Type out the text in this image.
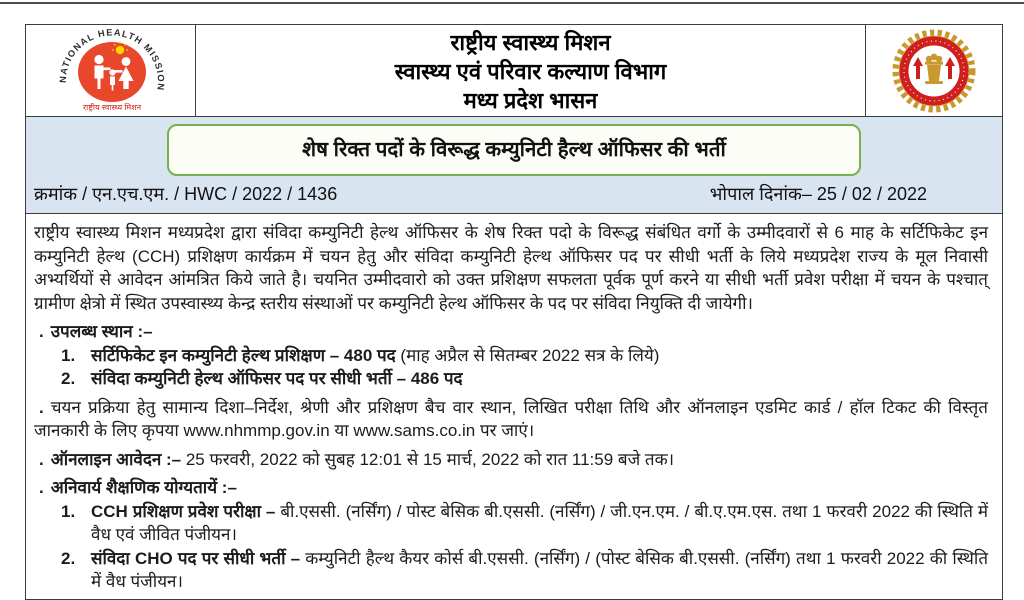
NATIONAL HEALTH MISSION
राष्ट्रीय स्वास्थ्य मिशन
राष्ट्रीय स्वास्थ्य मिशन
स्वास्थ्य एवं परिवार कल्याण विभाग
मध्य प्रदेश भासन
शेष रिक्त पदों के विरूद्ध कम्युनिटी हैल्थ ऑफिसर की भर्ती
क्रमांक / एन.एच.एम. / HWC / 2022 / 1436	भोपाल दिनांक– 25 / 02 / 2022

राष्ट्रीय स्वास्थ्य मिशन मध्यप्रदेश द्वारा संविदा कम्युनिटी हेल्थ ऑफिसर के शेष रिक्त पदो के विरूद्ध संबंधित वर्गो के उम्मीदवारों से 6 माह के सर्टिफिकेट इन कम्युनिटी हेल्थ (CCH) प्रशिक्षण कार्यक्रम में चयन हेतु और संविदा कम्युनिटी हेल्थ ऑफिसर पद पर सीधी भर्ती के लिये मध्यप्रदेश राज्य के मूल निवासी अभ्यर्थियों से आवेदन आंमत्रित किये जाते है। चयनित उम्मीदवारो को उक्त प्रशिक्षण सफलता पूर्वक पूर्ण करने या सीधी भर्ती प्रवेश परीक्षा में चयन के पश्चात् ग्रामीण क्षेत्रो में स्थित उपस्वास्थ्य केन्द्र स्तरीय संस्थाओं पर कम्युनिटी हेल्थ ऑफिसर के पद पर संविदा नियुक्ति दी जायेगी।

. उपलब्ध स्थान :–
1. सर्टिफिकेट इन कम्युनिटी हेल्थ प्रशिक्षण – 480 पद (माह अप्रैल से सितम्बर 2022 सत्र के लिये)
2. संविदा कम्युनिटी हेल्थ ऑफिसर पद पर सीधी भर्ती – 486 पद

. चयन प्रक्रिया हेतु सामान्य दिशा–निर्देश, श्रेणी और प्रशिक्षण बैच वार स्थान, लिखित परीक्षा तिथि और ऑनलाइन एडमिट कार्ड / हॉल टिकट की विस्तृत जानकारी के लिए कृपया www.nhmmp.gov.in या www.sams.co.in पर जाएं।

. ऑनलाइन आवेदन :– 25 फरवरी, 2022 को सुबह 12:01 से 15 मार्च, 2022 को रात 11:59 बजे तक।

. अनिवार्य शैक्षणिक योग्यतायें :–
1. CCH प्रशिक्षण प्रवेश परीक्षा – बी.एससी. (नर्सिंग) / पोस्ट बेसिक बी.एससी. (नर्सिंग) / जी.एन.एम. / बी.ए.एम.एस. तथा 1 फरवरी 2022 की स्थिति में वैध एवं जीवित पंजीयन।
2. संविदा CHO पद पर सीधी भर्ती – कम्युनिटी हैल्थ कैयर कोर्स बी.एससी. (नर्सिंग) / (पोस्ट बेसिक बी.एससी. (नर्सिंग) तथा 1 फरवरी 2022 की स्थिति में वैध पंजीयन।
